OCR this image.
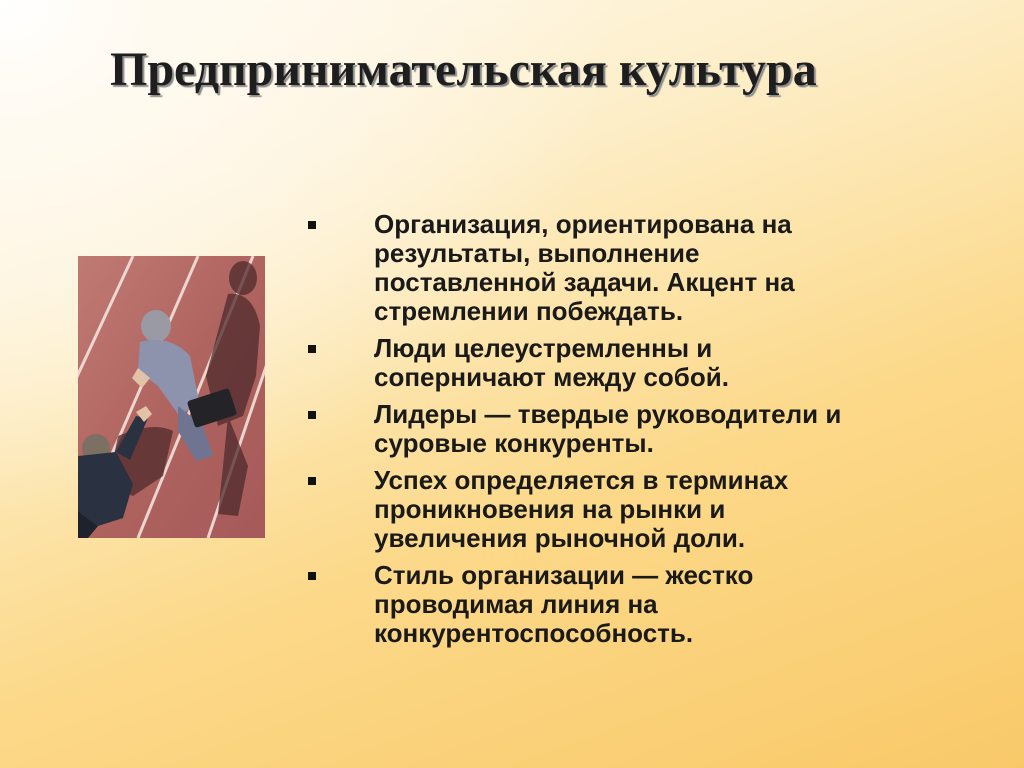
Предпринимательская культура
Организация, ориентирована на
результаты, выполнение
поставленной задачи. Акцент на
стремлении побеждать.
Люди целеустремленны и
соперничают между собой.
Лидеры — твердые руководители и
суровые конкуренты.
Успех определяется в терминах
проникновения на рынки и
увеличения рыночной доли.
Стиль организации — жестко
проводимая линия на
конкурентоспособность.
